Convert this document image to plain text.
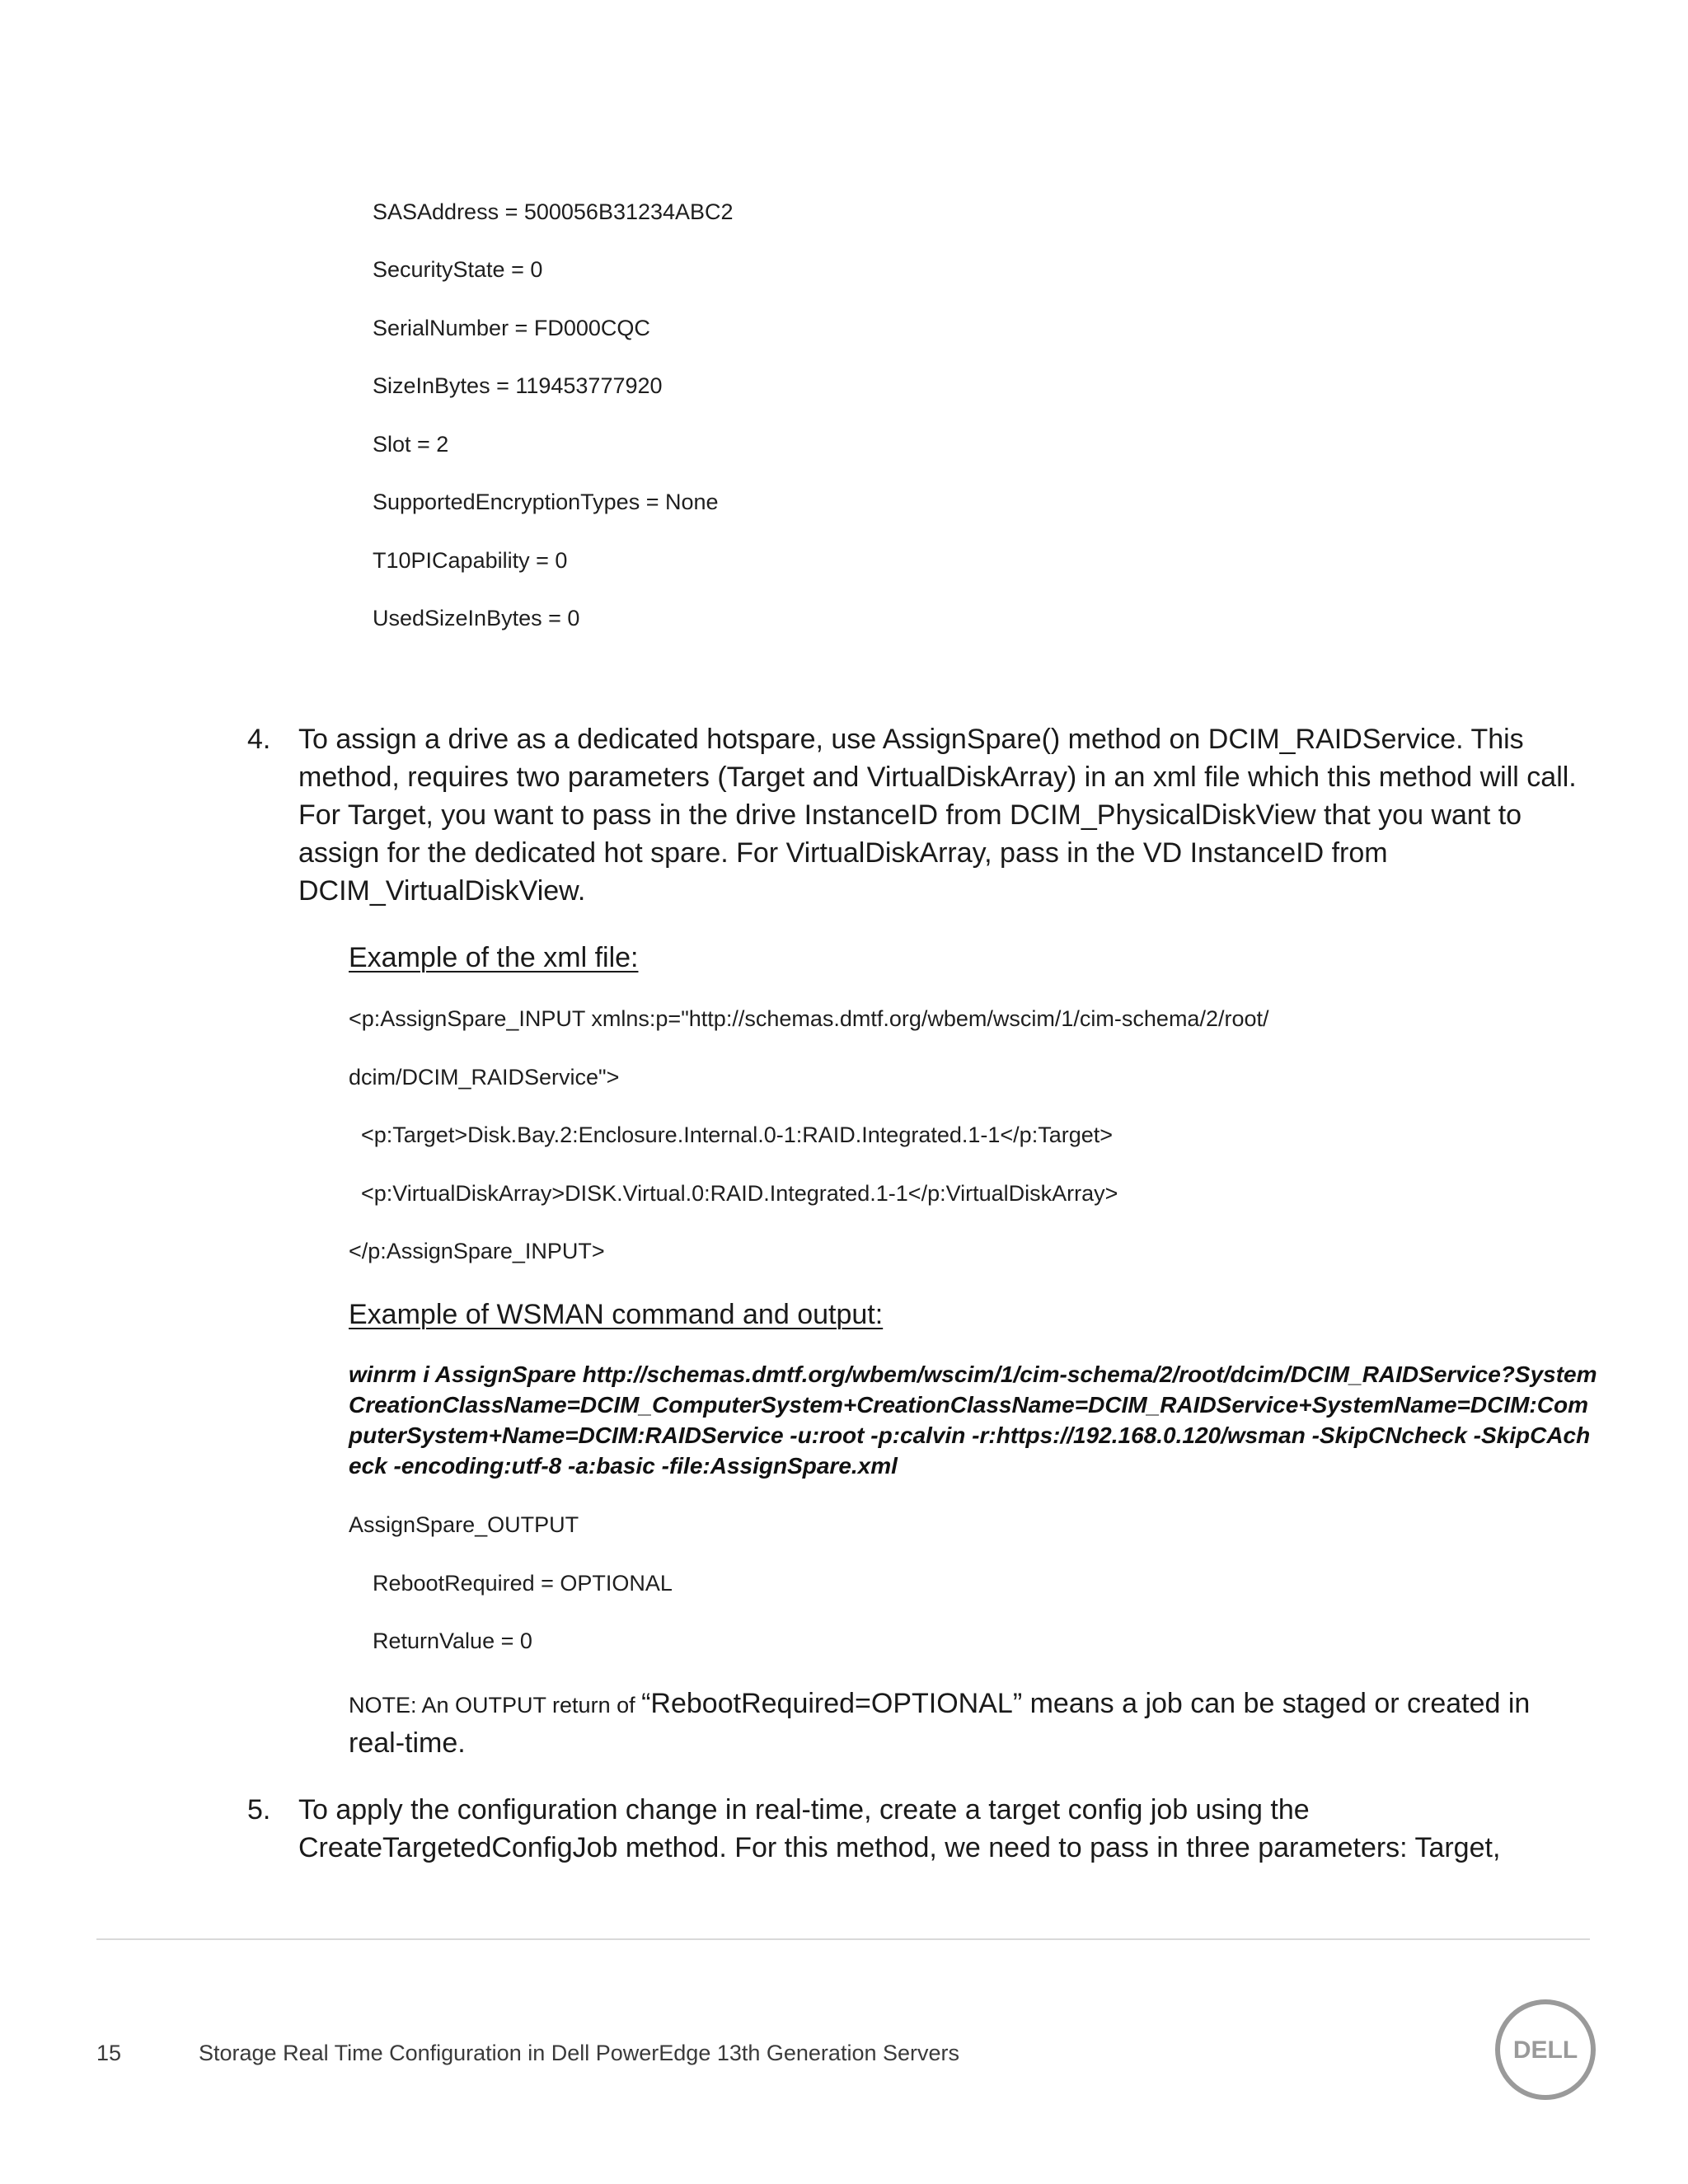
SASAddress = 500056B31234ABC2

SecurityState = 0

SerialNumber = FD000CQC

SizeInBytes = 119453777920

Slot = 2

SupportedEncryptionTypes = None

T10PICapability = 0

UsedSizeInBytes = 0

4. To assign a drive as a dedicated hotspare, use AssignSpare() method on DCIM_RAIDService. This method, requires two parameters (Target and VirtualDiskArray) in an xml file which this method will call. For Target, you want to pass in the drive InstanceID from DCIM_PhysicalDiskView that you want to assign for the dedicated hot spare. For VirtualDiskArray, pass in the VD InstanceID from DCIM_VirtualDiskView.

Example of the xml file:

<p:AssignSpare_INPUT xmlns:p="http://schemas.dmtf.org/wbem/wscim/1/cim-schema/2/root/

dcim/DCIM_RAIDService">

<p:Target>Disk.Bay.2:Enclosure.Internal.0-1:RAID.Integrated.1-1</p:Target>

<p:VirtualDiskArray>DISK.Virtual.0:RAID.Integrated.1-1</p:VirtualDiskArray>

</p:AssignSpare_INPUT>

Example of WSMAN command and output:

winrm i AssignSpare http://schemas.dmtf.org/wbem/wscim/1/cim-schema/2/root/dcim/DCIM_RAIDService?SystemCreationClassName=DCIM_ComputerSystem+CreationClassName=DCIM_RAIDService+SystemName=DCIM:ComputerSystem+Name=DCIM:RAIDService -u:root -p:calvin -r:https://192.168.0.120/wsman -SkipCNcheck -SkipCAcheck -encoding:utf-8 -a:basic -file:AssignSpare.xml

AssignSpare_OUTPUT

RebootRequired = OPTIONAL

ReturnValue = 0

NOTE: An OUTPUT return of “RebootRequired=OPTIONAL” means a job can be staged or created in real-time.
5. To apply the configuration change in real-time, create a target config job using the CreateTargetedConfigJob method. For this method, we need to pass in three parameters: Target,
15	Storage Real Time Configuration in Dell PowerEdge 13th Generation Servers	DELL
